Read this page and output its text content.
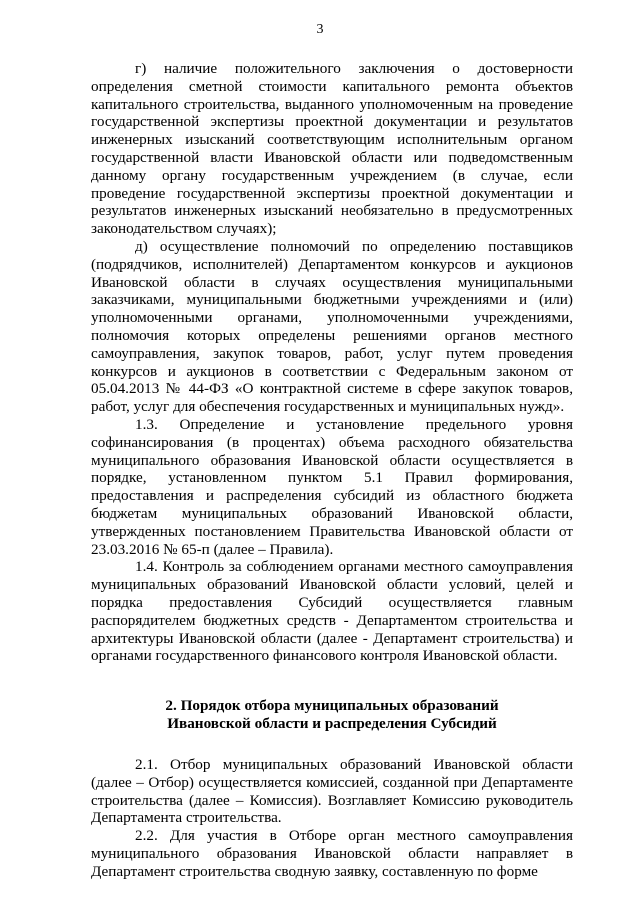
3

г) наличие положительного заключения о достоверности определения сметной стоимости капитального ремонта объектов капитального строительства, выданного уполномоченным на проведение государственной экспертизы проектной документации и результатов инженерных изысканий соответствующим исполнительным органом государственной власти Ивановской области или подведомственным данному органу государственным учреждением (в случае, если проведение государственной экспертизы проектной документации и результатов инженерных изысканий необязательно в предусмотренных законодательством случаях);

д) осуществление полномочий по определению поставщиков (подрядчиков, исполнителей) Департаментом конкурсов и аукционов Ивановской области в случаях осуществления муниципальными заказчиками, муниципальными бюджетными учреждениями и (или) уполномоченными органами, уполномоченными учреждениями, полномочия которых определены решениями органов местного самоуправления, закупок товаров, работ, услуг путем проведения конкурсов и аукционов в соответствии с Федеральным законом от 05.04.2013 № 44-ФЗ «О контрактной системе в сфере закупок товаров, работ, услуг для обеспечения государственных и муниципальных нужд».

1.3. Определение и установление предельного уровня софинансирования (в процентах) объема расходного обязательства муниципального образования Ивановской области осуществляется в порядке, установленном пунктом 5.1 Правил формирования, предоставления и распределения субсидий из областного бюджета бюджетам муниципальных образований Ивановской области, утвержденных постановлением Правительства Ивановской области от 23.03.2016 № 65-п (далее – Правила).

1.4. Контроль за соблюдением органами местного самоуправления муниципальных образований Ивановской области условий, целей и порядка предоставления Субсидий осуществляется главным распорядителем бюджетных средств - Департаментом строительства и архитектуры Ивановской области (далее - Департамент строительства) и органами государственного финансового контроля Ивановской области.

2. Порядок отбора муниципальных образований
Ивановской области и распределения Субсидий

2.1. Отбор муниципальных образований Ивановской области (далее – Отбор) осуществляется комиссией, созданной при Департаменте строительства (далее – Комиссия). Возглавляет Комиссию руководитель Департамента строительства.

2.2. Для участия в Отборе орган местного самоуправления муниципального образования Ивановской области направляет в Департамент строительства сводную заявку, составленную по форме
